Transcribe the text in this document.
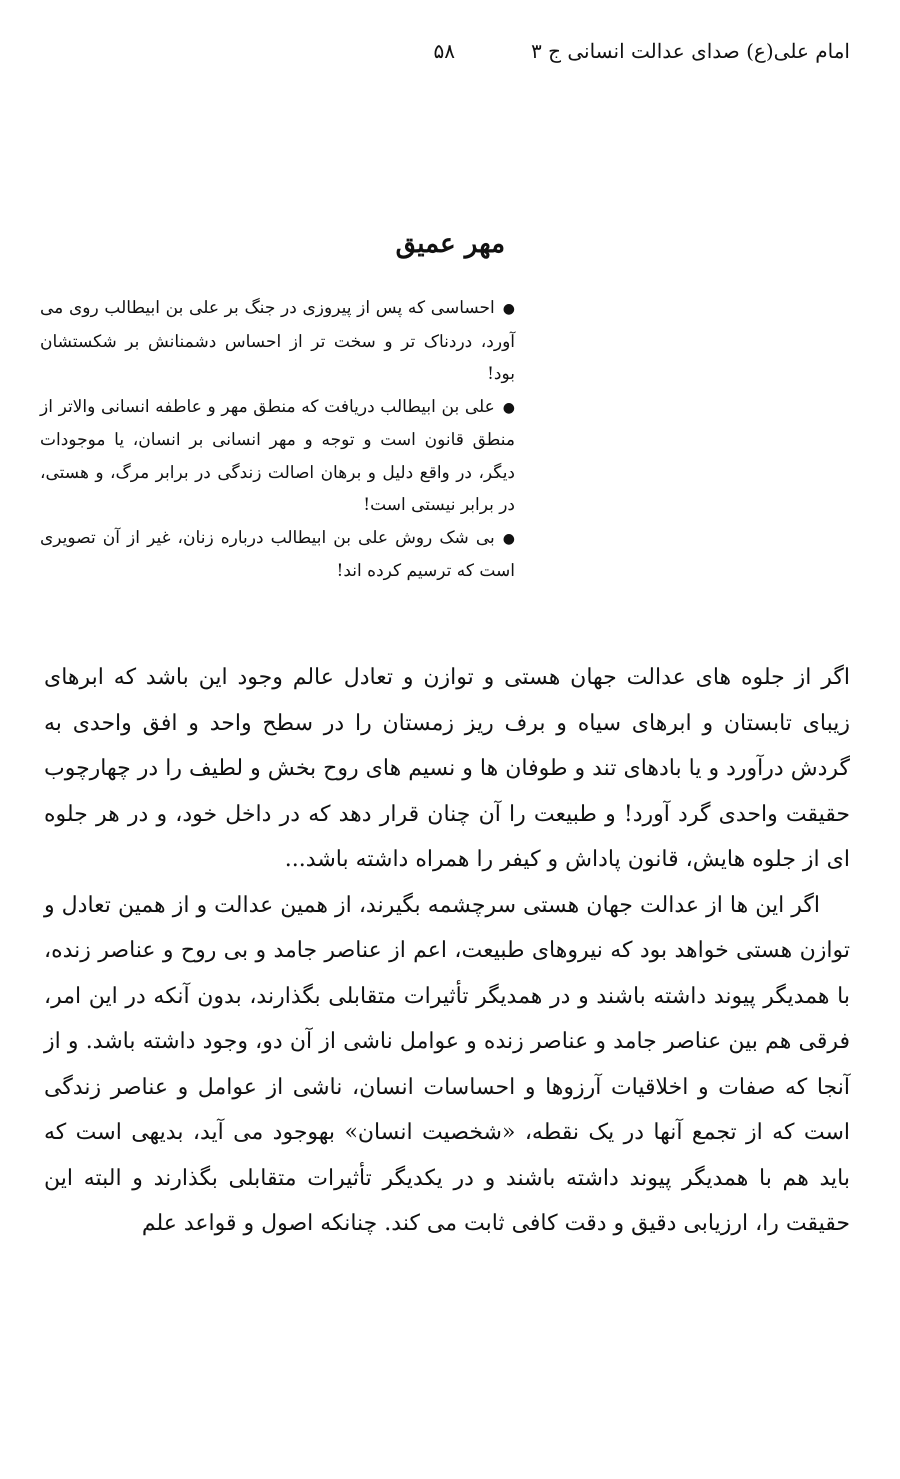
امام علی(ع) صدای عدالت انسانی ج ۳
۵۸
مهر عمیق

●احساسی که پس از پیروزی در جنگ بر علی بن ابیطالب روی می آورد، دردناک تر و سخت تر از احساس دشمنانش بر شکستشان بود!

●علی بن ابیطالب دریافت که منطق مهر و عاطفه انسانی والاتر از منطق قانون است و توجه و مهر انسانی بر انسان، یا موجودات دیگر، در واقع دلیل و برهان اصالت زندگی در برابر مرگ، و هستی، در برابر نیستی است!

●بی شک روش علی بن ابیطالب درباره زنان، غیر از آن تصویری است که ترسیم کرده اند!

اگر از جلوه های عدالت جهان هستی و توازن و تعادل عالم وجود این باشد که ابرهای زیبای تابستان و ابرهای سیاه و برف ریز زمستان را در سطح واحد و افق واحدی به گردش درآورد و یا بادهای تند و طوفان ها و نسیم های روح بخش و لطیف را در چهارچوب حقیقت واحدی گرد آورد! و طبیعت را آن چنان قرار دهد که در داخل خود، و در هر جلوه ای از جلوه هایش، قانون پاداش و کیفر را همراه داشته باشد...

اگر این ها از عدالت جهان هستی سرچشمه بگیرند، از همین عدالت و از همین تعادل و توازن هستی خواهد بود که نیروهای طبیعت، اعم از عناصر جامد و بی روح و عناصر زنده، با همدیگر پیوند داشته باشند و در همدیگر تأثیرات متقابلی بگذارند، بدون آنکه در این امر، فرقی هم بین عناصر جامد و عناصر زنده و عوامل ناشی از آن دو، وجود داشته باشد. و از آنجا که صفات و اخلاقیات آرزوها و احساسات انسان، ناشی از عوامل و عناصر زندگی است که از تجمع آنها در یک نقطه، «شخصیت انسان» بهوجود می آید، بدیهی است که باید هم با همدیگر پیوند داشته باشند و در یکدیگر تأثیرات متقابلی بگذارند و البته این حقیقت را، ارزیابی دقیق و دقت کافی ثابت می کند. چنانکه اصول و قواعد علم
